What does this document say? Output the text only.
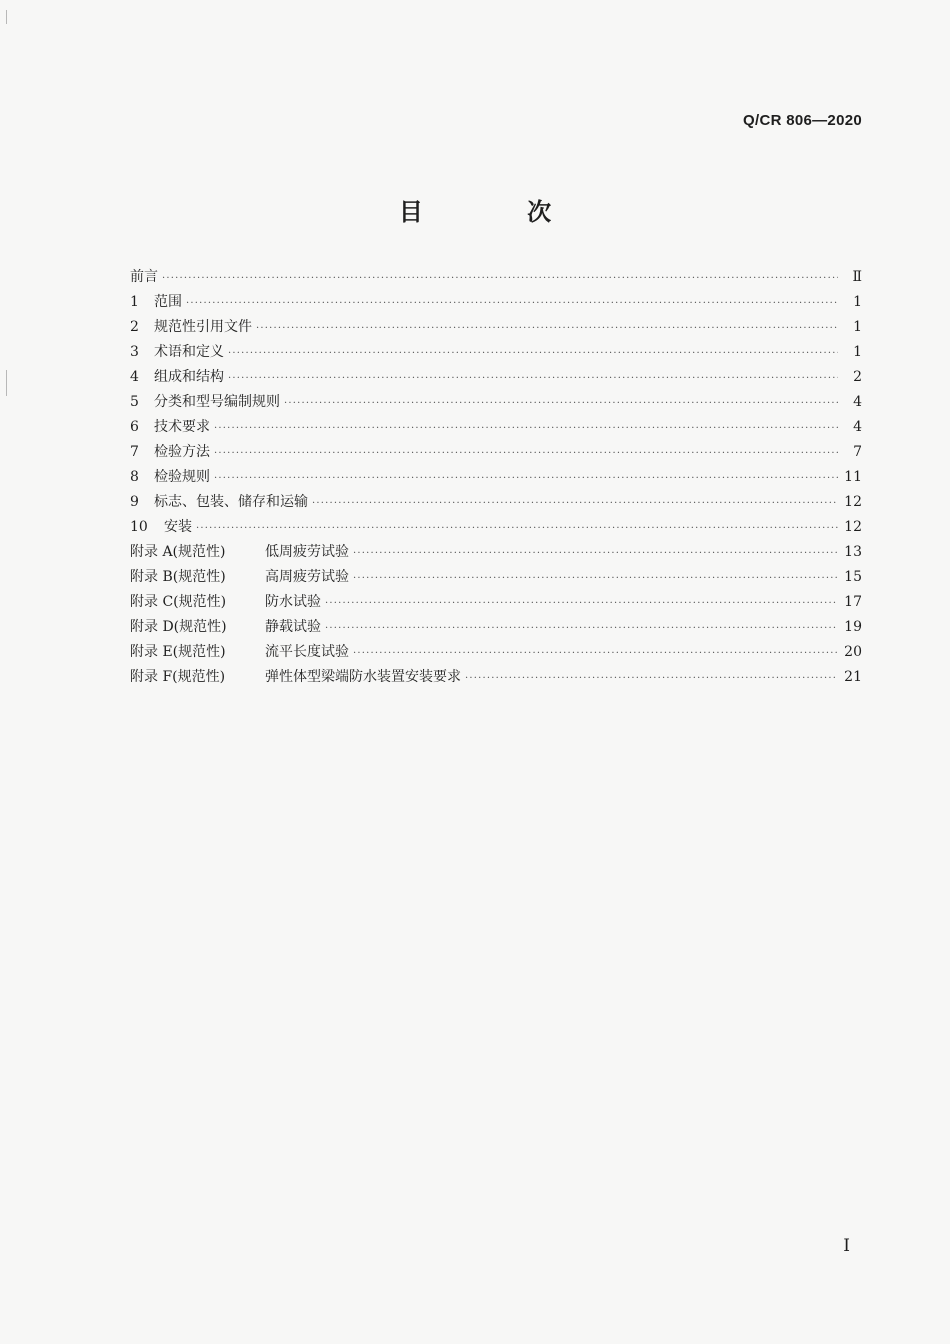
Q/CR 806—2020
目 次
前言 ·····	Ⅱ
1	范围 ·····	1
2	规范性引用文件 ·····	1
3	术语和定义 ·····	1
4	组成和结构 ·····	2
5	分类和型号编制规则 ·····	4
6	技术要求 ·····	4
7	检验方法 ·····	7
8	检验规则 ·····	11
9	标志、包装、储存和运输 ·····	12
10	安装 ·····	12
附录 A(规范性)	低周疲劳试验 ·····	13
附录 B(规范性)	高周疲劳试验 ·····	15
附录 C(规范性)	防水试验 ·····	17
附录 D(规范性)	静载试验 ·····	19
附录 E(规范性)	流平长度试验 ·····	20
附录 F(规范性)	弹性体型梁端防水装置安装要求 ·····	21
I
